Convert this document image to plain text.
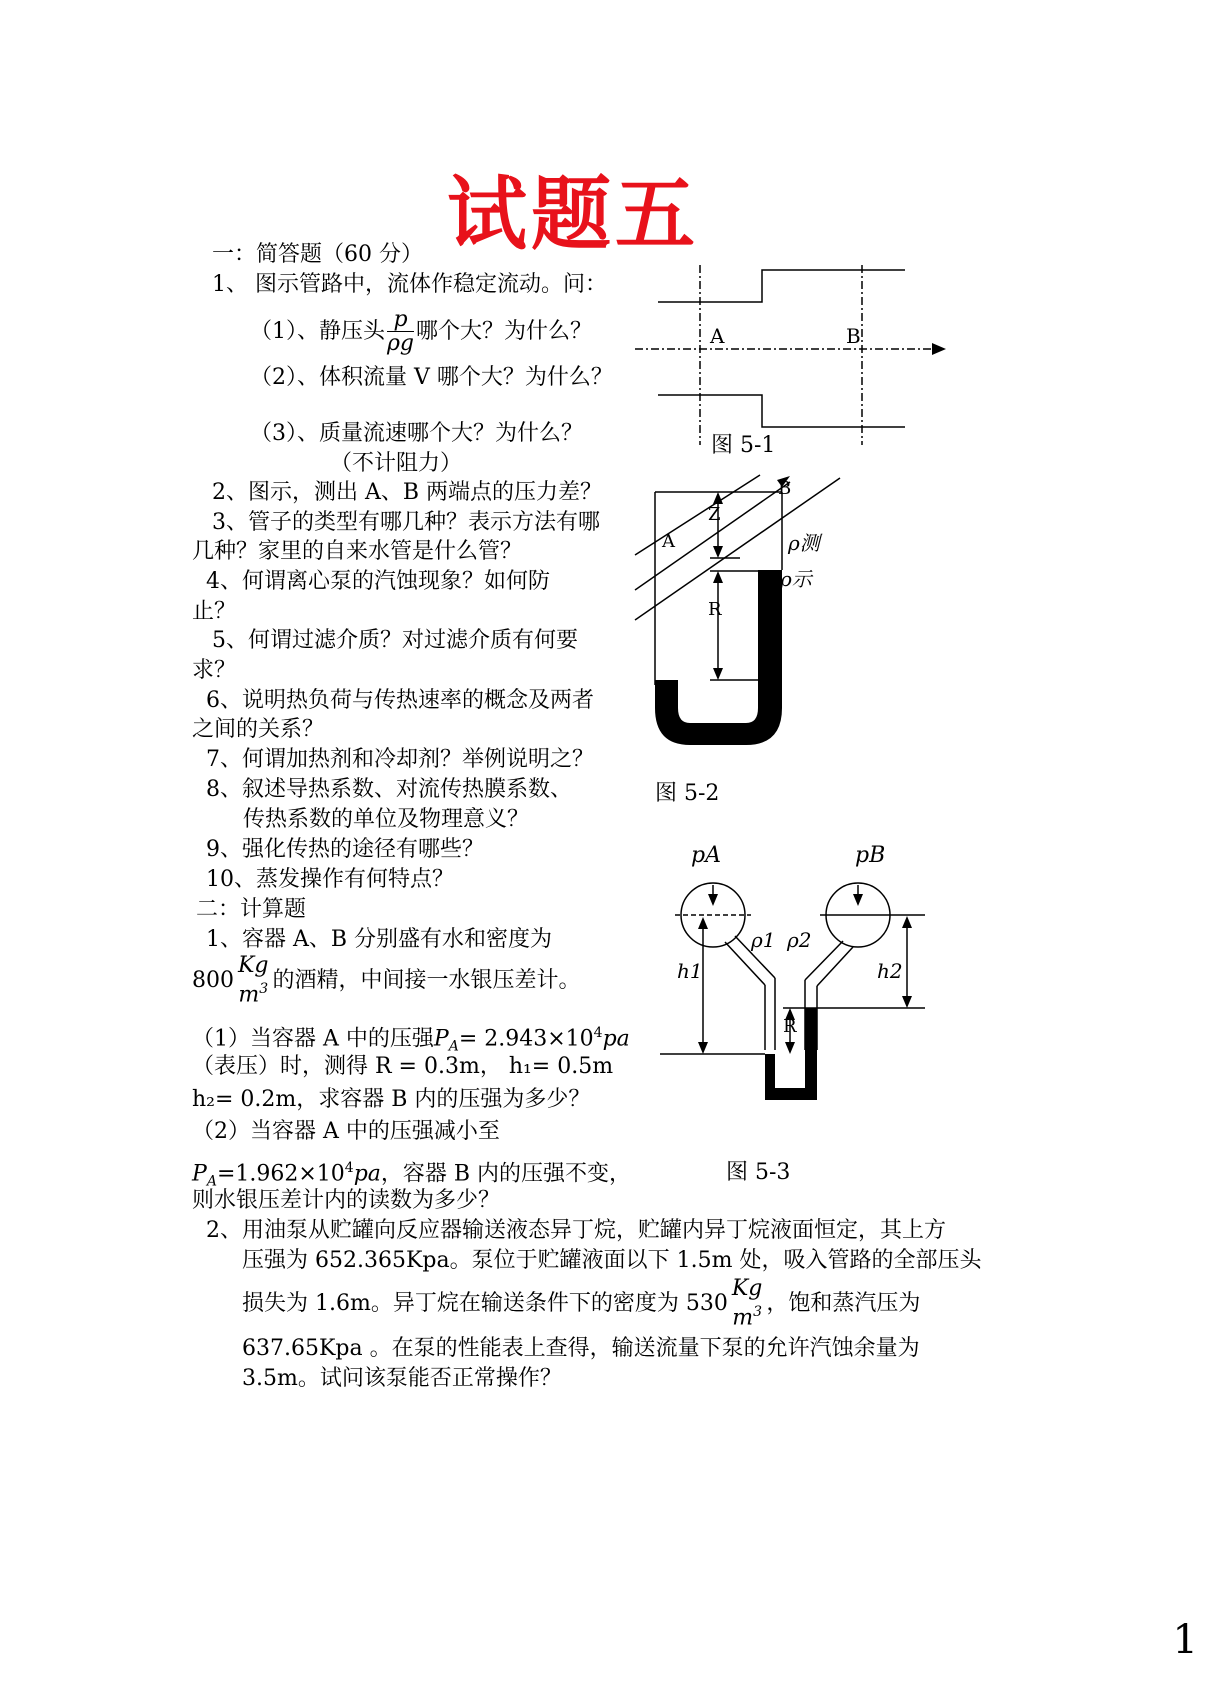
试题五
一：简答题（60 分）
1、 图示管路中，流体作稳定流动。问：
（1）、静压头 $\frac{p}{\rho g}$ 哪个大？为什么？
（2）、体积流量 V 哪个大？为什么？
（3）、质量流速哪个大？为什么？
（不计阻力）
2、图示，测出 A、B 两端点的压力差？
3、管子的类型有哪几种？表示方法有哪
几种？家里的自来水管是什么管？
4、何谓离心泵的汽蚀现象？如何防
止？
5、何谓过滤介质？对过滤介质有何要
求？
6、说明热负荷与传热速率的概念及两者
之间的关系？
7、何谓加热剂和冷却剂？举例说明之？
8、叙述导热系数、对流传热膜系数、
传热系数的单位及物理意义？
9、强化传热的途径有哪些？
10、蒸发操作有何特点？
二：计算题
1、容器 A、B 分别盛有水和密度为
800
Kg
$m^3$ 的酒精，中间接一水银压差计。
（1）当容器 A 中的压强$P_A= 2.943\times 10^4pa$
（表压）时，测得 R = 0.3m， h₁= 0.5m
h₂= 0.2m，求容器 B 内的压强为多少？
（2）当容器 A 中的压强减小至
$P_A=1.962\times 10^4pa$，容器 B 内的压强不变，
则水银压差计内的读数为多少？
2、用油泵从贮罐向反应器输送液态异丁烷，贮罐内异丁烷液面恒定，其上方
压强为 652.365Kpa。泵位于贮罐液面以下 1.5m 处，吸入管路的全部压头
损失为 1.6m。异丁烷在输送条件下的密度为 530
Kg
$m^3$ ，饱和蒸汽压为
637.65Kpa 。在泵的性能表上查得，输送流量下泵的允许汽蚀余量为
3.5m。试问该泵能否正常操作？
A	B
图 5-1
A
B
Z
R
ρ测
ρ示
图 5-2
pA	pB
ρ1 ρ2
h1	h2
R
图 5-3
1
